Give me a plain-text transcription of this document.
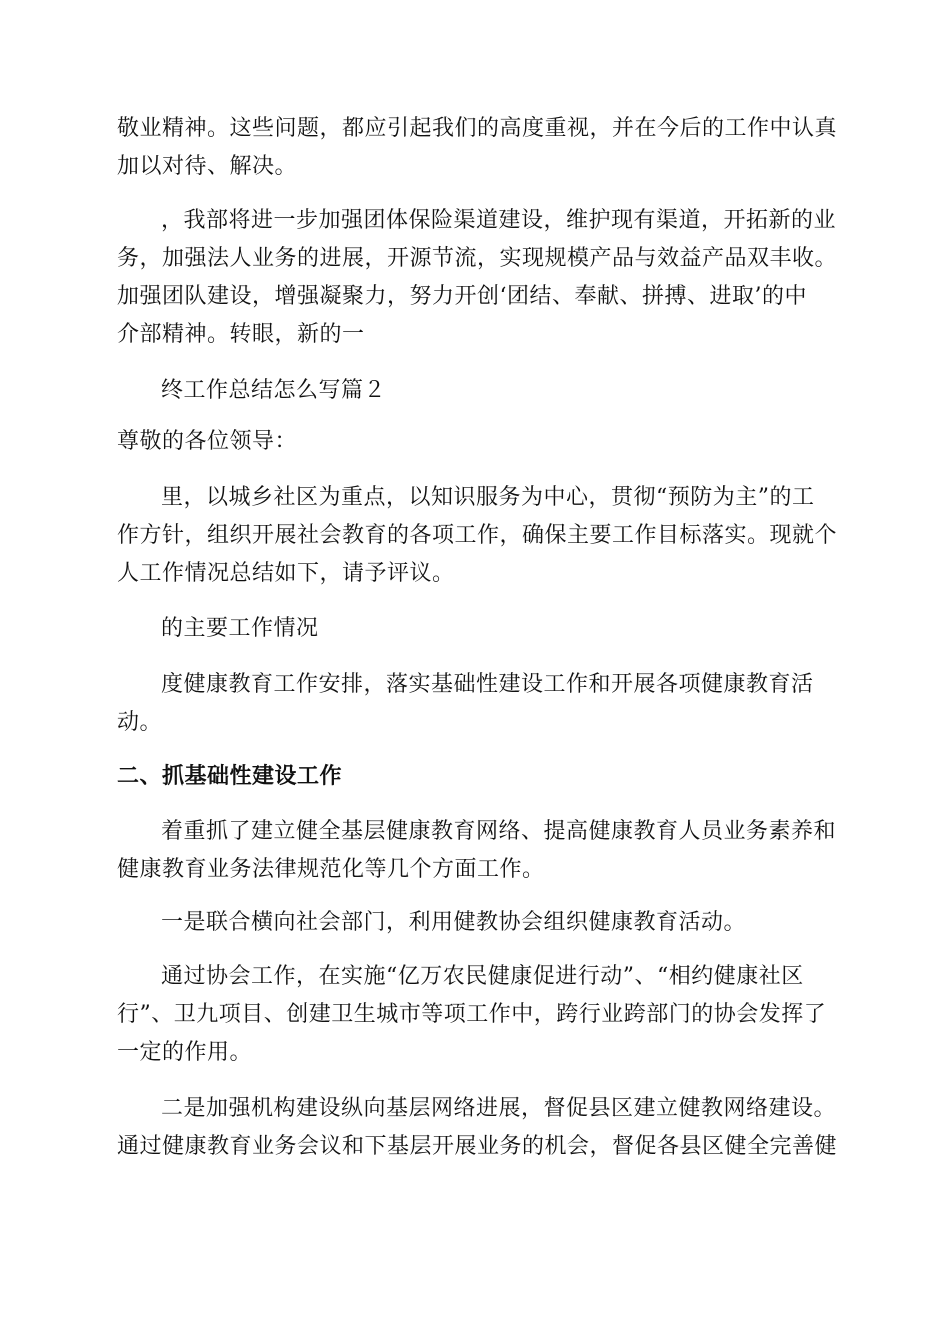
敬业精神。这些问题，都应引起我们的高度重视，并在今后的工作中认真
加以对待、解决。

，我部将进一步加强团体保险渠道建设，维护现有渠道，开拓新的业
务，加强法人业务的进展，开源节流，实现规模产品与效益产品双丰收。
加强团队建设，增强凝聚力，努力开创‘团结、奉献、拼搏、进取’的中
介部精神。转眼，新的一

终工作总结怎么写篇２

尊敬的各位领导：

里，以城乡社区为重点，以知识服务为中心，贯彻“预防为主”的工
作方针，组织开展社会教育的各项工作，确保主要工作目标落实。现就个
人工作情况总结如下，请予评议。

的主要工作情况

度健康教育工作安排，落实基础性建设工作和开展各项健康教育活
动。

二、抓基础性建设工作

着重抓了建立健全基层健康教育网络、提高健康教育人员业务素养和
健康教育业务法律规范化等几个方面工作。

一是联合横向社会部门，利用健教协会组织健康教育活动。

通过协会工作，在实施“亿万农民健康促进行动”、“相约健康社区
行”、卫九项目、创建卫生城市等项工作中，跨行业跨部门的协会发挥了
一定的作用。

二是加强机构建设纵向基层网络进展，督促县区建立健教网络建设。
通过健康教育业务会议和下基层开展业务的机会，督促各县区健全完善健
